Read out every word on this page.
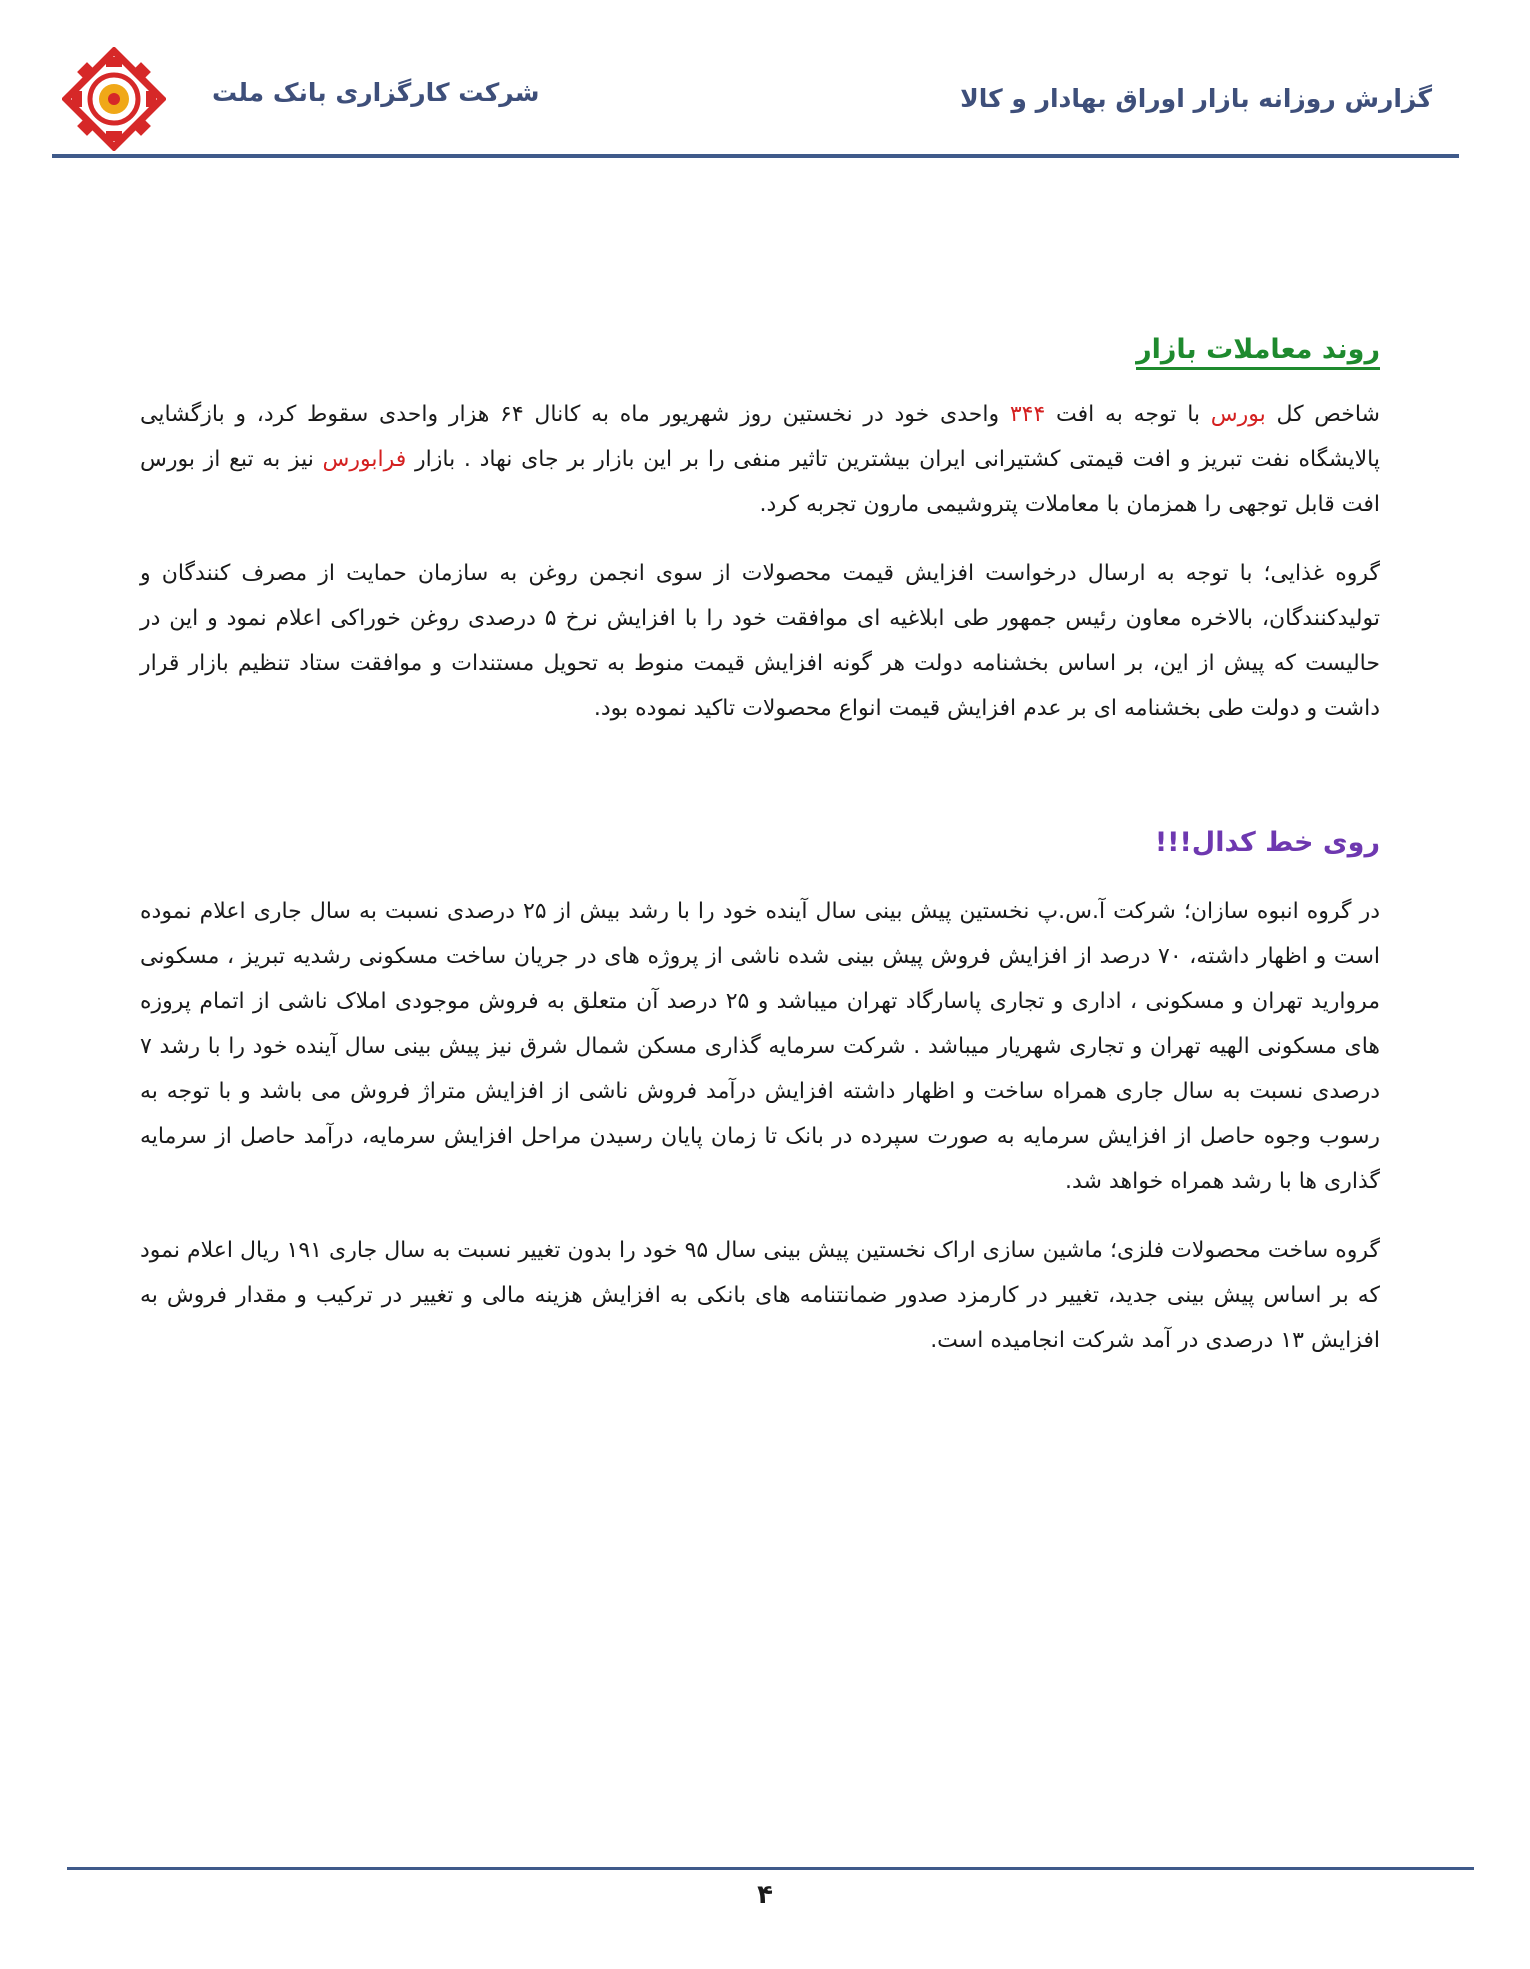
شرکت کارگزاری بانک ملت	گزارش روزانه بازار اوراق بهادار و کالا
روند معاملات بازار

شاخص کل بورس با توجه به افت ۳۴۴ واحدی خود در نخستین روز شهریور ماه به کانال ۶۴ هزار واحدی سقوط کرد، و بازگشایی پالایشگاه نفت تبریز و افت قیمتی کشتیرانی ایران بیشترین تاثیر منفی را بر این بازار بر جای نهاد . بازار فرابورس نیز به تبع از بورس افت قابل توجهی را همزمان با معاملات پتروشیمی مارون تجربه کرد.

گروه غذایی؛ با توجه به ارسال درخواست افزایش قیمت محصولات از سوی انجمن روغن به سازمان حمایت از مصرف کنندگان و تولیدکنندگان، بالاخره معاون رئیس جمهور طی ابلاغیه ای موافقت خود را با افزایش نرخ ۵ درصدی روغن خوراکی اعلام نمود و این در حالیست که پیش از این، بر اساس بخشنامه دولت هر گونه افزایش قیمت منوط به تحویل مستندات و موافقت ستاد تنظیم بازار قرار داشت و دولت طی بخشنامه ای بر عدم افزایش قیمت انواع محصولات تاکید نموده بود.

روی خط کدال!!!

در گروه انبوه سازان؛ شرکت آ.س.پ نخستین پیش بینی سال آینده خود را با رشد بیش از ۲۵ درصدی نسبت به سال جاری اعلام نموده است و اظهار داشته، ۷۰ درصد از افزایش فروش پیش بینی شده ناشی از پروژه های در جریان ساخت مسکونی رشدیه تبریز ، مسکونی مروارید تهران و مسکونی ، اداری و تجاری پاسارگاد تهران میباشد و ۲۵ درصد آن متعلق به فروش موجودی املاک ناشی از اتمام پروزه های مسکونی الهیه تهران و تجاری شهریار میباشد . شرکت سرمایه گذاری مسکن شمال شرق نیز پیش بینی سال آینده خود را با رشد ۷ درصدی نسبت به سال جاری همراه ساخت و اظهار داشته افزایش درآمد فروش ناشی از افزایش متراژ فروش می باشد و با توجه به رسوب وجوه حاصل از افزایش سرمایه به صورت سپرده در بانک تا زمان پایان رسیدن مراحل افزایش سرمایه، درآمد حاصل از سرمایه گذاری ها با رشد همراه خواهد شد.

گروه ساخت محصولات فلزی؛ ماشین سازی اراک نخستین پیش بینی سال ۹۵ خود را بدون تغییر نسبت به سال جاری ۱۹۱ ریال اعلام نمود که بر اساس پیش بینی جدید، تغییر در کارمزد صدور ضمانتنامه های بانکی به افزایش هزینه مالی و تغییر در ترکیب و مقدار فروش به افزایش ۱۳ درصدی در آمد شرکت انجامیده است.

۴
